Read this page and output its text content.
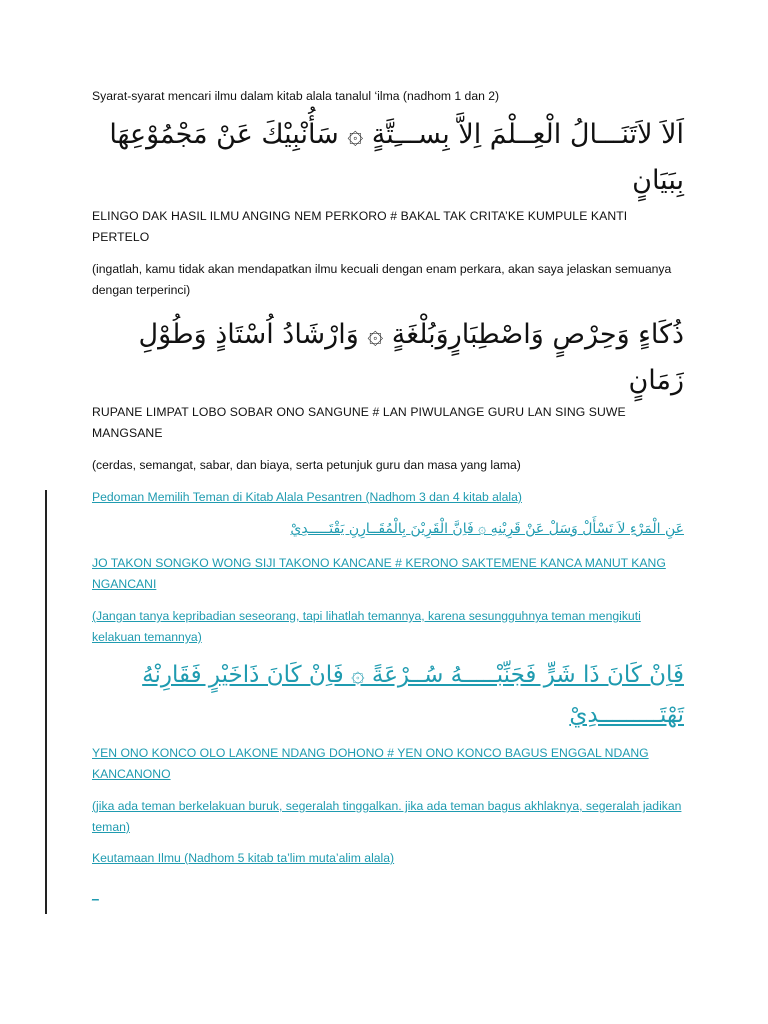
Syarat-syarat mencari ilmu dalam kitab alala tanalul ‘ilma (nadhom 1 dan 2)

اَلاَ لاَتَنَـــالُ الْعِــلْمَ اِلاَّ بِســـِتَّةٍ ۞ سَأُنْبِيْكَ عَنْ مَجْمُوْعِهَا بِبَيَانٍ

ELINGO DAK HASIL ILMU ANGING NEM PERKORO # BAKAL TAK CRITA’KE KUMPULE KANTI PERTELO

(ingatlah, kamu tidak akan mendapatkan ilmu kecuali dengan enam perkara, akan saya jelaskan semuanya dengan terperinci)

ذُكَاءٍ وَحِرْصٍ وَاصْطِبَارٍوَبُلْغَةٍ ۞ وَارْشَادُ اُسْتَاذٍ وَطُوْلِ زَمَانٍ

RUPANE LIMPAT LOBO SOBAR ONO SANGUNE # LAN PIWULANGE GURU LAN SING SUWE MANGSANE

(cerdas, semangat, sabar, dan biaya, serta petunjuk guru dan masa yang lama)

Pedoman Memilih Teman di Kitab Alala Pesantren (Nadhom 3 dan 4 kitab alala)

عَنِ الْمَرْءِ لاَ تَسْأَلْ وَسَلْ عَنْ قَرِيْنِهِ ۞ فَاِنَّ الْقَرِيْنَ بِالْمُقَــارِنِ يَقْتَـــــدِيْ

JO TAKON SONGKO WONG SIJI TAKONO KANCANE # KERONO SAKTEMENE KANCA MANUT KANG NGANCANI

(Jangan tanya kepribadian seseorang, tapi lihatlah temannya, karena sesungguhnya teman mengikuti kelakuan temannya)

فَاِنْ كَانَ ذَا شَرٍّ فَجَنِّبْـــــهُ سُــرْعَةً ۞ فَاِنْ كَانَ ذَاخَيْرٍ فَقَارِنْهُ تَهْتَـــــــــدِيْ

YEN ONO KONCO OLO LAKONE NDANG DOHONO # YEN ONO KONCO BAGUS ENGGAL NDANG KANCANONO

(jika ada teman berkelakuan buruk, segeralah tinggalkan. jika ada teman bagus akhlaknya, segeralah jadikan teman)

Keutamaan Ilmu (Nadhom 5 kitab ta’lim muta’alim alala)

_
